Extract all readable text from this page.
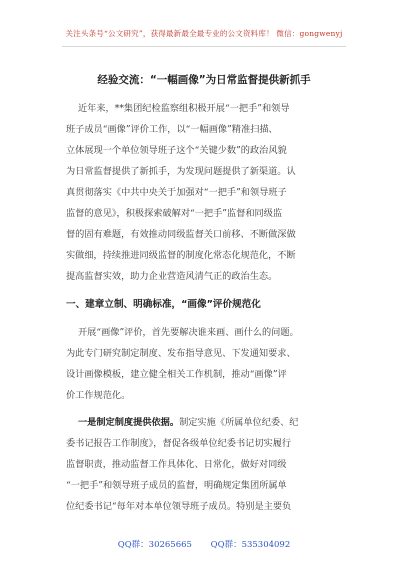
关注头条号“公文研究”，获得最新最全最专业的公文资料库！ 微信：gongwenyj
经验交流：“一幅画像”为日常监督提供新抓手
近年来，**集团纪检监察组积极开展“一把手”和领导
班子成员“画像”评价工作，以“一幅画像”精准扫描、
立体展现一个单位领导班子这个“关键少数”的政治风貌
为日常监督提供了新抓手，为发现问题提供了新渠道。认
真贯彻落实《中共中央关于加强对“一把手”和领导班子
监督的意见》，积极探索破解对“一把手”监督和同级监
督的固有难题，有效推动同级监督关口前移、不断做深做
实做细，持续推进同级监督的制度化常态化规范化，不断
提高监督实效，助力企业营造风清气正的政治生态。
一、建章立制、明确标准，“画像”评价规范化
开展“画像”评价，首先要解决谁来画、画什么的问题。
为此专门研究制定制度、发布指导意见、下发通知要求、
设计画像模板，建立健全相关工作机制，推动“画像”评
价工作规范化。
一是制定制度提供依据。制定实施《所属单位纪委、纪
委书记报告工作制度》，督促各级单位纪委书记切实履行
监督职责，推动监督工作具体化、日常化，做好对同级
“一把手”和领导班子成员的监督，明确规定集团所属单
位纪委书记“每年对本单位领导班子成员。特别是主要负
QQ群：30265665 QQ群：535304092
